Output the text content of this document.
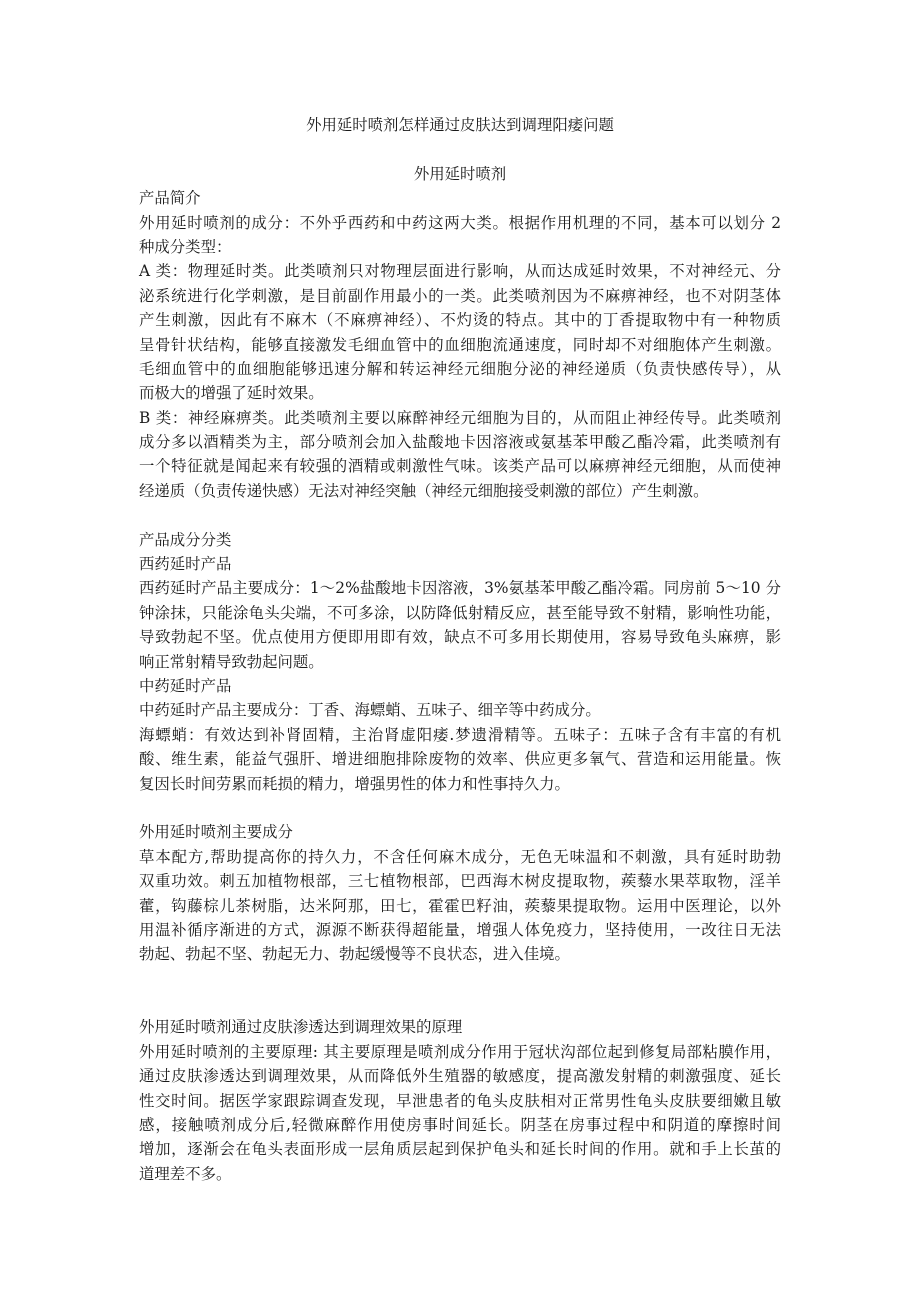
外用延时喷剂怎样通过皮肤达到调理阳痿问题
外用延时喷剂
产品简介
外用延时喷剂的成分：不外乎西药和中药这两大类。根据作用机理的不同，基本可以划分 2
种成分类型：
A 类：物理延时类。此类喷剂只对物理层面进行影响，从而达成延时效果，不对神经元、分
泌系统进行化学刺激，是目前副作用最小的一类。此类喷剂因为不麻痹神经，也不对阴茎体
产生刺激，因此有不麻木（不麻痹神经）、不灼烫的特点。其中的丁香提取物中有一种物质
呈骨针状结构，能够直接激发毛细血管中的血细胞流通速度，同时却不对细胞体产生刺激。
毛细血管中的血细胞能够迅速分解和转运神经元细胞分泌的神经递质（负责快感传导），从
而极大的增强了延时效果。
B 类：神经麻痹类。此类喷剂主要以麻醉神经元细胞为目的，从而阻止神经传导。此类喷剂
成分多以酒精类为主，部分喷剂会加入盐酸地卡因溶液或氨基苯甲酸乙酯冷霜，此类喷剂有
一个特征就是闻起来有较强的酒精或刺激性气味。该类产品可以麻痹神经元细胞，从而使神
经递质（负责传递快感）无法对神经突触（神经元细胞接受刺激的部位）产生刺激。
产品成分分类
西药延时产品
西药延时产品主要成分：1～2%盐酸地卡因溶液，3%氨基苯甲酸乙酯冷霜。同房前 5～10 分
钟涂抹，只能涂龟头尖端，不可多涂，以防降低射精反应，甚至能导致不射精，影响性功能，
导致勃起不坚。优点使用方便即用即有效，缺点不可多用长期使用，容易导致龟头麻痹，影
响正常射精导致勃起问题。
中药延时产品
中药延时产品主要成分：丁香、海螵蛸、五味子、细辛等中药成分。
海螵蛸：有效达到补肾固精，主治肾虚阳痿.梦遗滑精等。五味子：五味子含有丰富的有机
酸、维生素，能益气强肝、增进细胞排除废物的效率、供应更多氧气、营造和运用能量。恢
复因长时间劳累而耗损的精力，增强男性的体力和性事持久力。
外用延时喷剂主要成分
草本配方,帮助提高你的持久力，不含任何麻木成分，无色无味温和不刺激，具有延时助勃
双重功效。刺五加植物根部，三七植物根部，巴西海木树皮提取物，蒺藜水果萃取物，淫羊
藿，钩藤棕儿茶树脂，达米阿那，田七，霍霍巴籽油，蒺藜果提取物。运用中医理论，以外
用温补循序渐进的方式，源源不断获得超能量，增强人体免疫力，坚持使用，一改往日无法
勃起、勃起不坚、勃起无力、勃起缓慢等不良状态，进入佳境。
外用延时喷剂通过皮肤渗透达到调理效果的原理
外用延时喷剂的主要原理: 其主要原理是喷剂成分作用于冠状沟部位起到修复局部粘膜作用，
通过皮肤渗透达到调理效果，从而降低外生殖器的敏感度，提高激发射精的刺激强度、延长
性交时间。据医学家跟踪调查发现，早泄患者的龟头皮肤相对正常男性龟头皮肤要细嫩且敏
感，接触喷剂成分后,轻微麻醉作用使房事时间延长。阴茎在房事过程中和阴道的摩擦时间
增加，逐渐会在龟头表面形成一层角质层起到保护龟头和延长时间的作用。就和手上长茧的
道理差不多。
